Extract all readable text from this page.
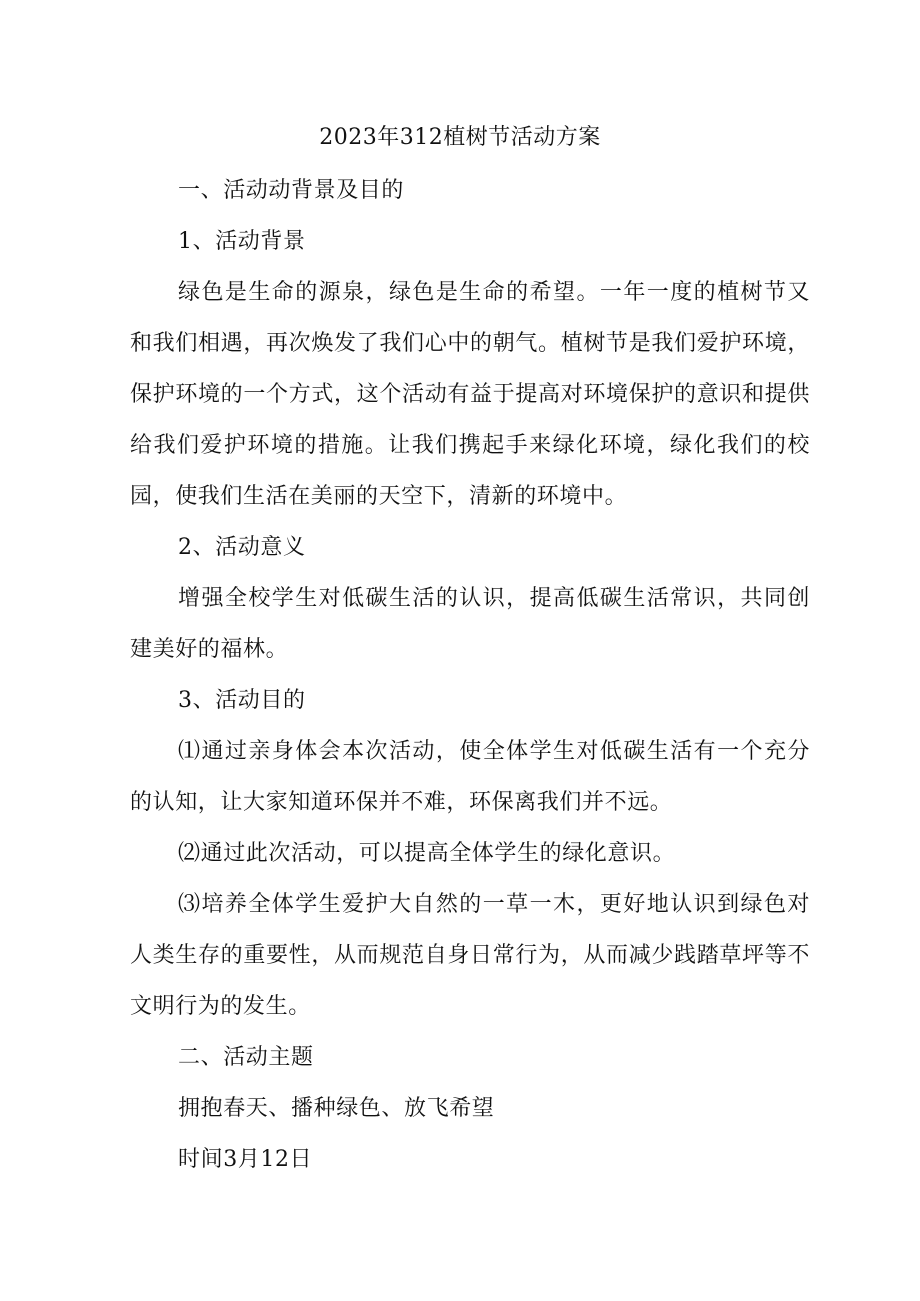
2023年312植树节活动方案

一、活动动背景及目的

1、活动背景

绿色是生命的源泉，绿色是生命的希望。一年一度的植树节又和我们相遇，再次焕发了我们心中的朝气。植树节是我们爱护环境，保护环境的一个方式，这个活动有益于提高对环境保护的意识和提供给我们爱护环境的措施。让我们携起手来绿化环境，绿化我们的校园，使我们生活在美丽的天空下，清新的环境中。

2、活动意义

增强全校学生对低碳生活的认识，提高低碳生活常识，共同创建美好的福林。

3、活动目的

⑴通过亲身体会本次活动，使全体学生对低碳生活有一个充分的认知，让大家知道环保并不难，环保离我们并不远。

⑵通过此次活动，可以提高全体学生的绿化意识。

⑶培养全体学生爱护大自然的一草一木，更好地认识到绿色对人类生存的重要性，从而规范自身日常行为，从而减少践踏草坪等不文明行为的发生。

二、活动主题

拥抱春天、播种绿色、放飞希望

时间3月12日
